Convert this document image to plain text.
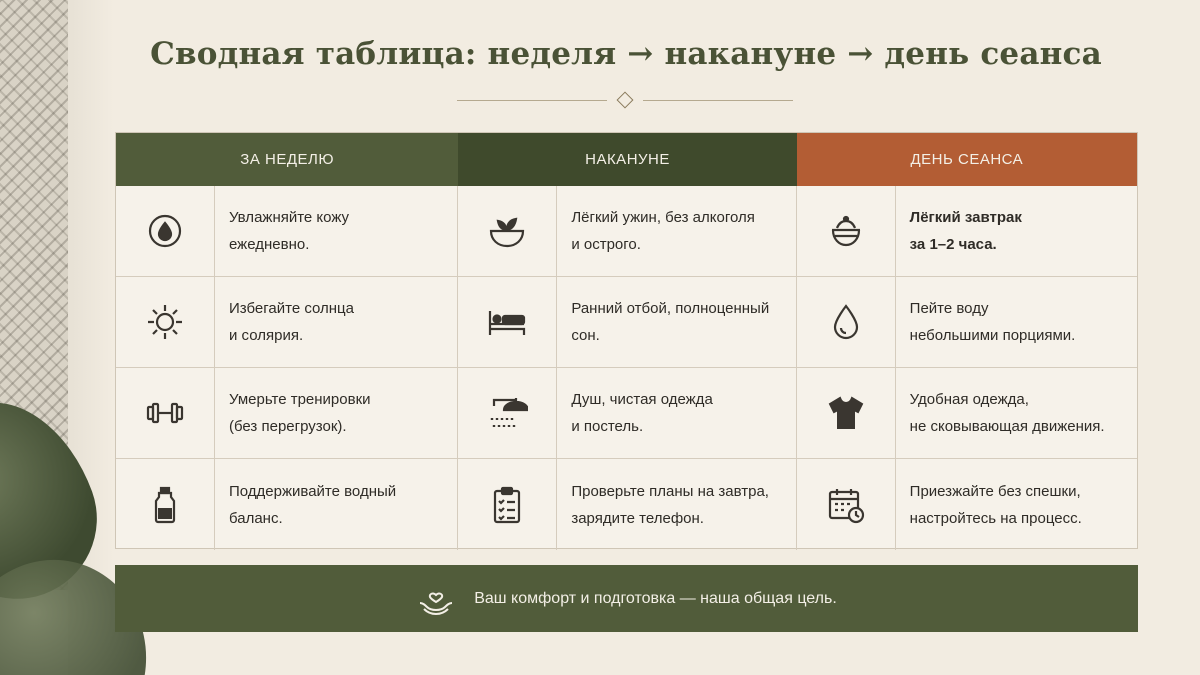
Сводная таблица: неделя → накануне → день сеанса
ЗА НЕДЕЛЮ	НАКАНУНЕ	ДЕНЬ СЕАНСА
Увлажняйте кожу
ежедневно.
Избегайте солнца
и солярия.
Умерьте тренировки
(без перегрузок).
Поддерживайте водный
баланс.
Лёгкий ужин, без алкоголя
и острого.
Ранний отбой, полноценный
сон.
Душ, чистая одежда
и постель.
Проверьте планы на завтра,
зарядите телефон.
Лёгкий завтрак
за 1–2 часа.
Пейте воду
небольшими порциями.
Удобная одежда,
не сковывающая движения.
Приезжайте без спешки,
настройтесь на процесс.
Ваш комфорт и подготовка — наша общая цель.
